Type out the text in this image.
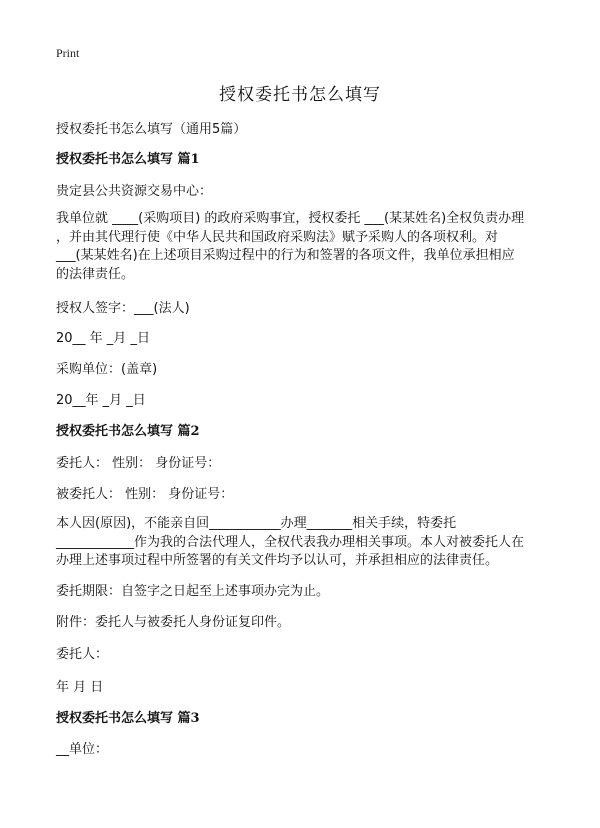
Print
授权委托书怎么填写
授权委托书怎么填写（通用5篇）
授权委托书怎么填写 篇1
贵定县公共资源交易中心：
我单位就 ____(采购项目) 的政府采购事宜，授权委托 ___(某某姓名)全权负责办理
，并由其代理行使《中华人民共和国政府采购法》赋予采购人的各项权利。对
___(某某姓名)在上述项目采购过程中的行为和签署的各项文件，我单位承担相应
的法律责任。
授权人签字：___(法人)
20__ 年 _月 _日
采购单位：(盖章)
20__年 _月 _日
授权委托书怎么填写 篇2
委托人： 性别： 身份证号：
被委托人： 性别： 身份证号：
本人因(原因)，不能亲自回___________办理_______相关手续，特委托
____________作为我的合法代理人，全权代表我办理相关事项。本人对被委托人在
办理上述事项过程中所签署的有关文件均予以认可，并承担相应的法律责任。
委托期限：自签字之日起至上述事项办完为止。
附件：委托人与被委托人身份证复印件。
委托人：
年 月 日
授权委托书怎么填写 篇3
__单位：
